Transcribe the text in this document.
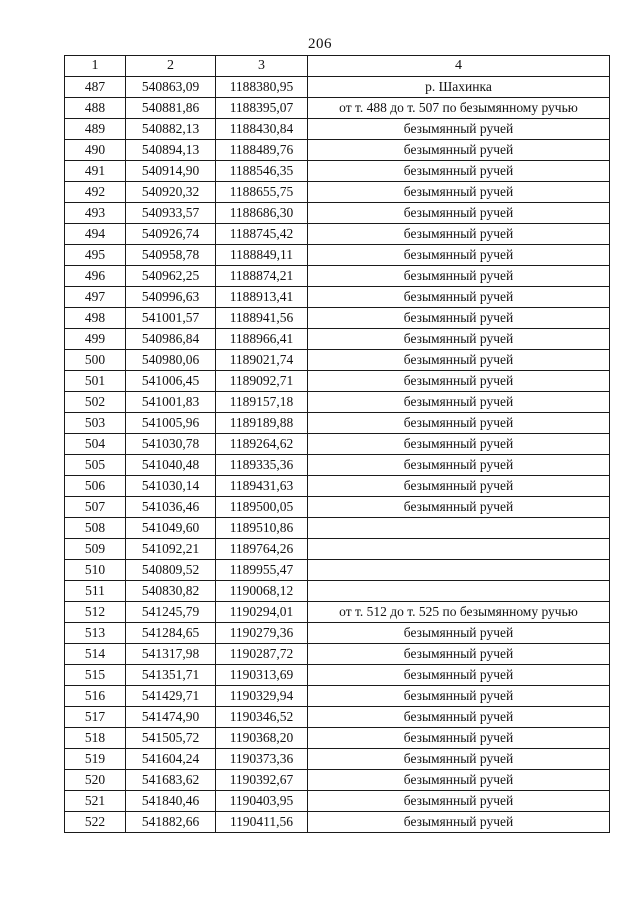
206
1	2	3	4
487	540863,09	1188380,95	р. Шахинка
488	540881,86	1188395,07	от т. 488 до т. 507 по безымянному ручью
489	540882,13	1188430,84	безымянный ручей
490	540894,13	1188489,76	безымянный ручей
491	540914,90	1188546,35	безымянный ручей
492	540920,32	1188655,75	безымянный ручей
493	540933,57	1188686,30	безымянный ручей
494	540926,74	1188745,42	безымянный ручей
495	540958,78	1188849,11	безымянный ручей
496	540962,25	1188874,21	безымянный ручей
497	540996,63	1188913,41	безымянный ручей
498	541001,57	1188941,56	безымянный ручей
499	540986,84	1188966,41	безымянный ручей
500	540980,06	1189021,74	безымянный ручей
501	541006,45	1189092,71	безымянный ручей
502	541001,83	1189157,18	безымянный ручей
503	541005,96	1189189,88	безымянный ручей
504	541030,78	1189264,62	безымянный ручей
505	541040,48	1189335,36	безымянный ручей
506	541030,14	1189431,63	безымянный ручей
507	541036,46	1189500,05	безымянный ручей
508	541049,60	1189510,86	
509	541092,21	1189764,26	
510	540809,52	1189955,47	
511	540830,82	1190068,12	
512	541245,79	1190294,01	от т. 512 до т. 525 по безымянному ручью
513	541284,65	1190279,36	безымянный ручей
514	541317,98	1190287,72	безымянный ручей
515	541351,71	1190313,69	безымянный ручей
516	541429,71	1190329,94	безымянный ручей
517	541474,90	1190346,52	безымянный ручей
518	541505,72	1190368,20	безымянный ручей
519	541604,24	1190373,36	безымянный ручей
520	541683,62	1190392,67	безымянный ручей
521	541840,46	1190403,95	безымянный ручей
522	541882,66	1190411,56	безымянный ручей
